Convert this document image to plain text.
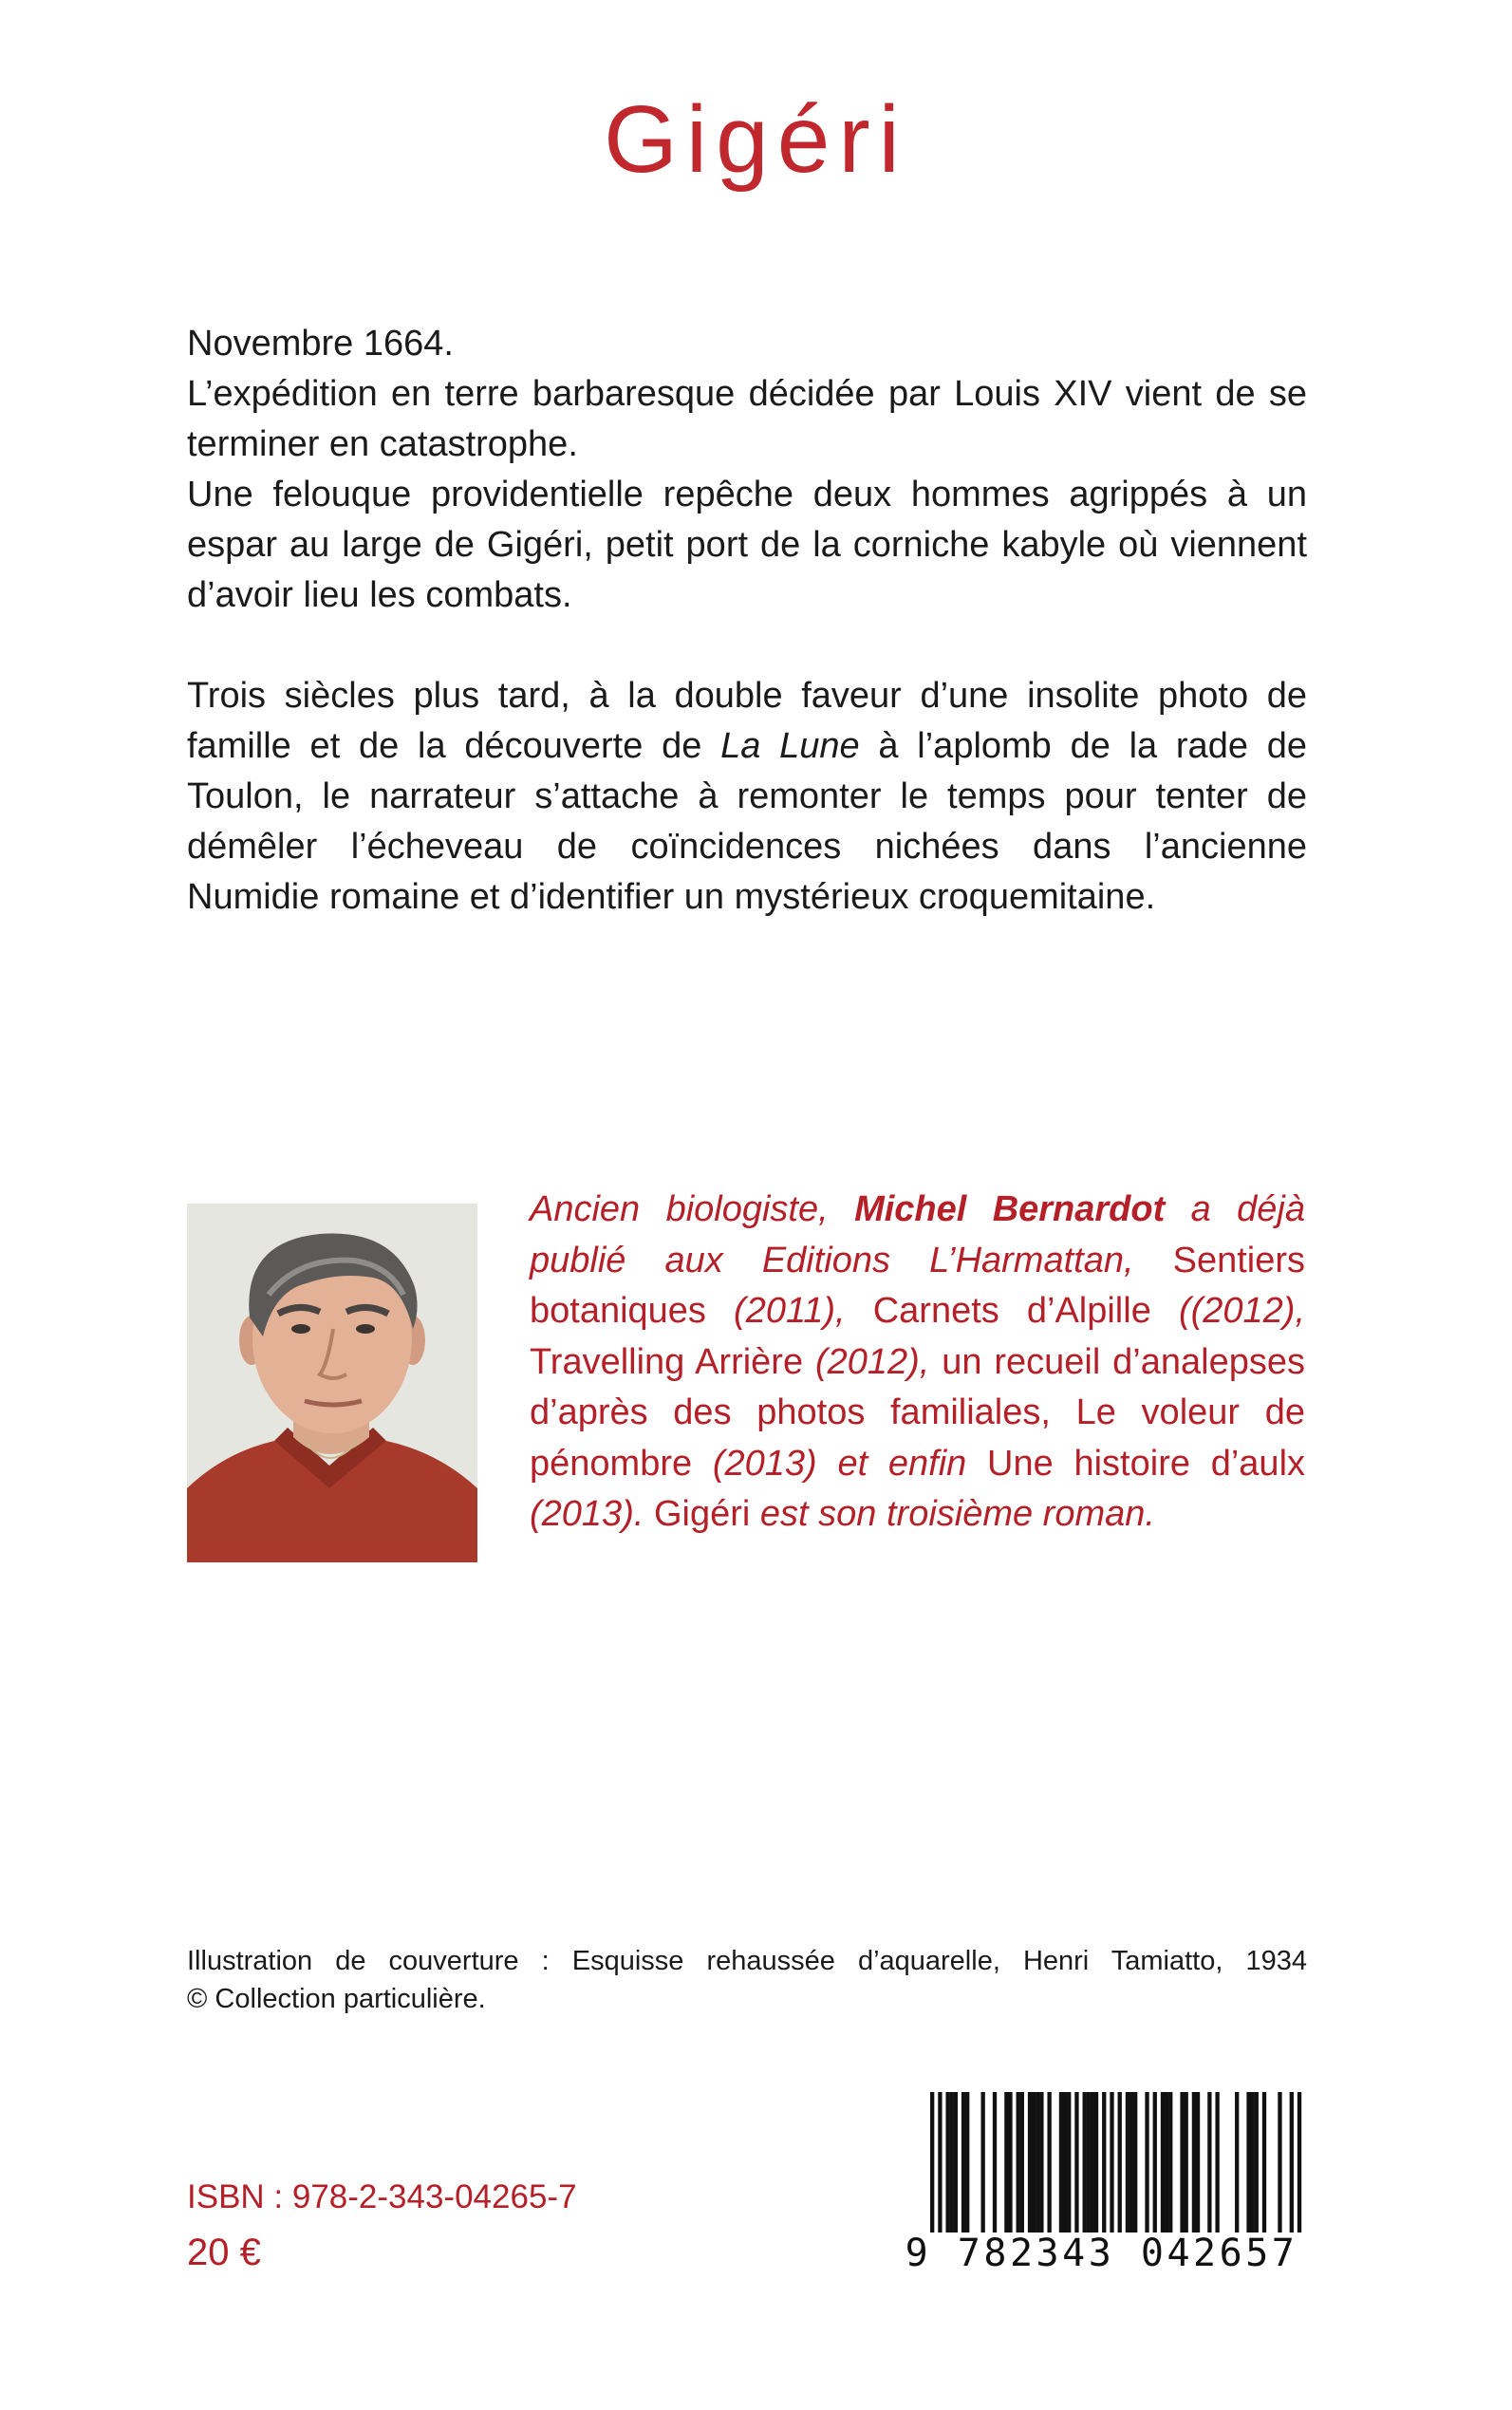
Gigéri

Novembre 1664.

L’expédition en terre barbaresque décidée par Louis XIV vient de se terminer en catastrophe.

Une felouque providentielle repêche deux hommes agrippés à un espar au large de Gigéri, petit port de la corniche kabyle où viennent d’avoir lieu les combats.

Trois siècles plus tard, à la double faveur d’une insolite photo de famille et de la découverte de La Lune à l’aplomb de la rade de Toulon, le narrateur s’attache à remonter le temps pour tenter de démêler l’écheveau de coïncidences nichées dans l’ancienne Numidie romaine et d’identifier un mystérieux croquemitaine.

Ancien biologiste, Michel Bernardot a déjà publié aux Editions L’Harmattan, Sentiers botaniques (2011), Carnets d’Alpille ((2012), Travelling Arrière (2012), un recueil d’analepses d’après des photos familiales, Le voleur de pénombre (2013) et enfin Une histoire d’aulx (2013). Gigéri est son troisième roman.
Illustration de couverture : Esquisse rehaussée d’aquarelle, Henri Tamiatto, 1934
© Collection particulière.
ISBN : 978-2-343-04265-7
20 €	9 782343 042657
